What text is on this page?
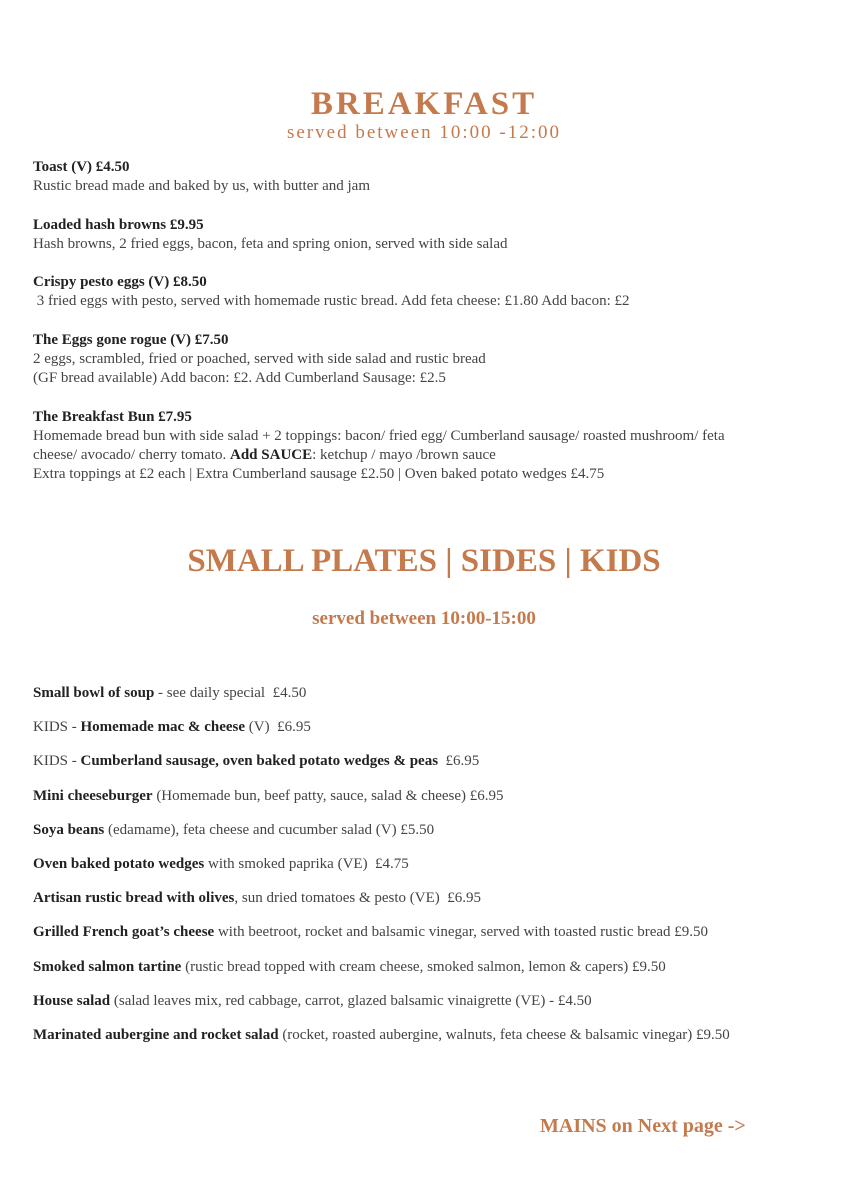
BREAKFAST
served between 10:00 -12:00
Toast (V) £4.50
Rustic bread made and baked by us, with butter and jam
Loaded hash browns £9.95
Hash browns, 2 fried eggs, bacon, feta and spring onion, served with side salad
Crispy pesto eggs (V) £8.50
3 fried eggs with pesto, served with homemade rustic bread. Add feta cheese: £1.80 Add bacon: £2
The Eggs gone rogue (V) £7.50
2 eggs, scrambled, fried or poached, served with side salad and rustic bread
(GF bread available) Add bacon: £2. Add Cumberland Sausage: £2.5
The Breakfast Bun £7.95
Homemade bread bun with side salad + 2 toppings: bacon/ fried egg/ Cumberland sausage/ roasted mushroom/ feta
cheese/ avocado/ cherry tomato. Add SAUCE: ketchup / mayo /brown sauce
Extra toppings at £2 each | Extra Cumberland sausage £2.50 | Oven baked potato wedges £4.75
SMALL PLATES | SIDES | KIDS
served between 10:00-15:00
Small bowl of soup - see daily special  £4.50
KIDS - Homemade mac & cheese (V)  £6.95
KIDS - Cumberland sausage, oven baked potato wedges & peas  £6.95
Mini cheeseburger (Homemade bun, beef patty, sauce, salad & cheese) £6.95
Soya beans (edamame), feta cheese and cucumber salad (V) £5.50
Oven baked potato wedges with smoked paprika (VE)  £4.75
Artisan rustic bread with olives, sun dried tomatoes & pesto (VE)  £6.95
Grilled French goat’s cheese with beetroot, rocket and balsamic vinegar, served with toasted rustic bread £9.50
Smoked salmon tartine (rustic bread topped with cream cheese, smoked salmon, lemon & capers) £9.50
House salad (salad leaves mix, red cabbage, carrot, glazed balsamic vinaigrette (VE) - £4.50
Marinated aubergine and rocket salad (rocket, roasted aubergine, walnuts, feta cheese & balsamic vinegar) £9.50
MAINS on Next page ->
